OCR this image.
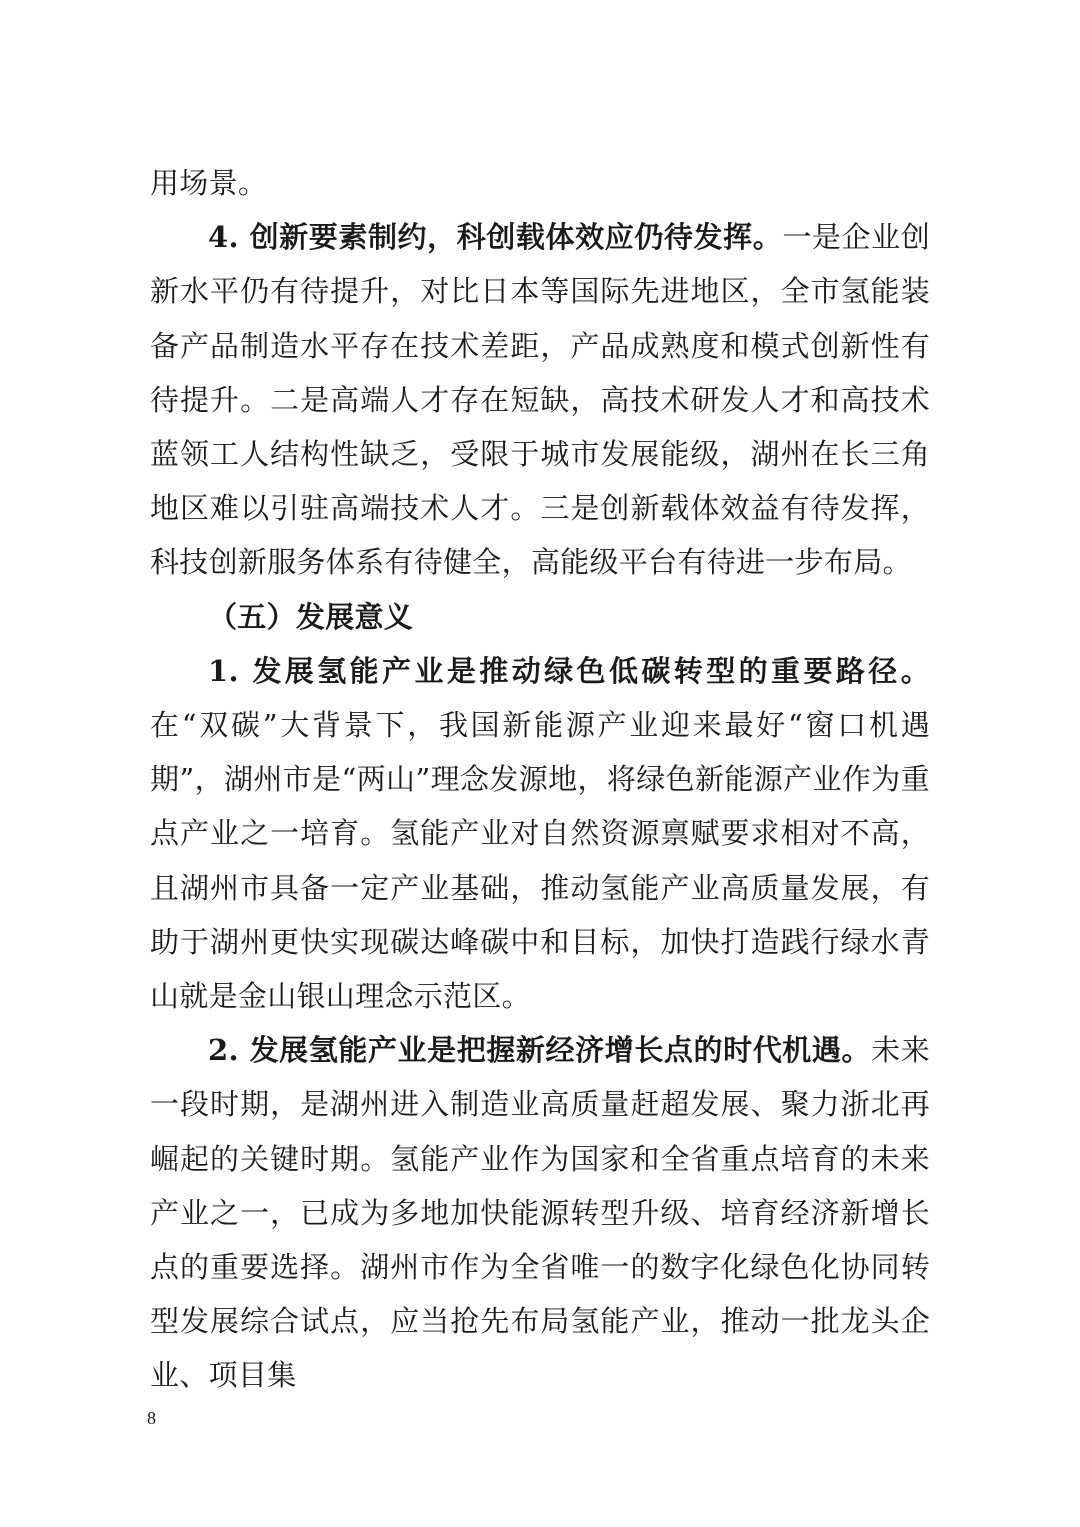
用场景。

4. 创新要素制约，科创载体效应仍待发挥。一是企业创新水平仍有待提升，对比日本等国际先进地区，全市氢能装备产品制造水平存在技术差距，产品成熟度和模式创新性有待提升。二是高端人才存在短缺，高技术研发人才和高技术蓝领工人结构性缺乏，受限于城市发展能级，湖州在长三角地区难以引驻高端技术人才。三是创新载体效益有待发挥，科技创新服务体系有待健全，高能级平台有待进一步布局。

（五）发展意义

1. 发展氢能产业是推动绿色低碳转型的重要路径。在“双碳”大背景下，我国新能源产业迎来最好“窗口机遇期”，湖州市是“两山”理念发源地，将绿色新能源产业作为重点产业之一培育。氢能产业对自然资源禀赋要求相对不高，且湖州市具备一定产业基础，推动氢能产业高质量发展，有助于湖州更快实现碳达峰碳中和目标，加快打造践行绿水青山就是金山银山理念示范区。

2. 发展氢能产业是把握新经济增长点的时代机遇。未来一段时期，是湖州进入制造业高质量赶超发展、聚力浙北再崛起的关键时期。氢能产业作为国家和全省重点培育的未来产业之一，已成为多地加快能源转型升级、培育经济新增长点的重要选择。湖州市作为全省唯一的数字化绿色化协同转型发展综合试点，应当抢先布局氢能产业，推动一批龙头企业、项目集

8
